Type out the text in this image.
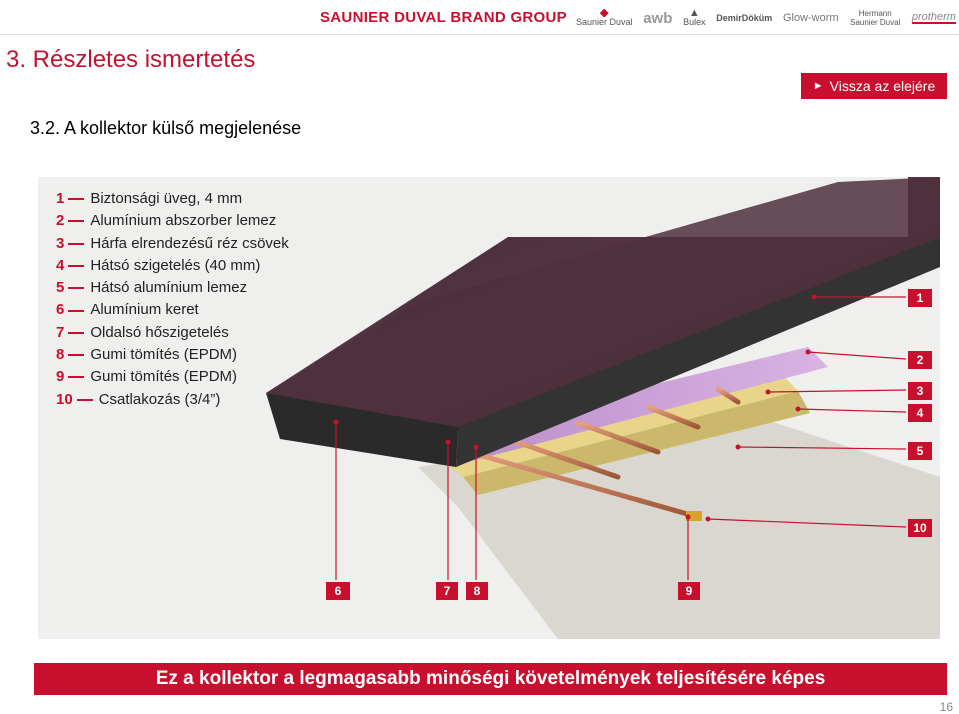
SAUNIER DUVAL BRAND GROUP	◆
Saunier Duval awb	▲
Bulex DemirDöküm Glow-worm	Hermann Saunier Duval protherm
3. Részletes ismertetés
► Vissza az elejére
3.2. A kollektor külső megjelenése
1 Biztonsági üveg, 4 mm
2 Alumínium abszorber lemez
3 Hárfa elrendezésű réz csövek
4 Hátsó szigetelés (40 mm)
5 Hátsó alumínium lemez
6 Alumínium keret
7 Oldalsó hőszigetelés
8 Gumi tömítés (EPDM)
9 Gumi tömítés (EPDM)
10 Csatlakozás (3/4”)
1
2
3
4
5
10
6	7	8	9
Ez a kollektor a legmagasabb minőségi követelmények teljesítésére képes
16
